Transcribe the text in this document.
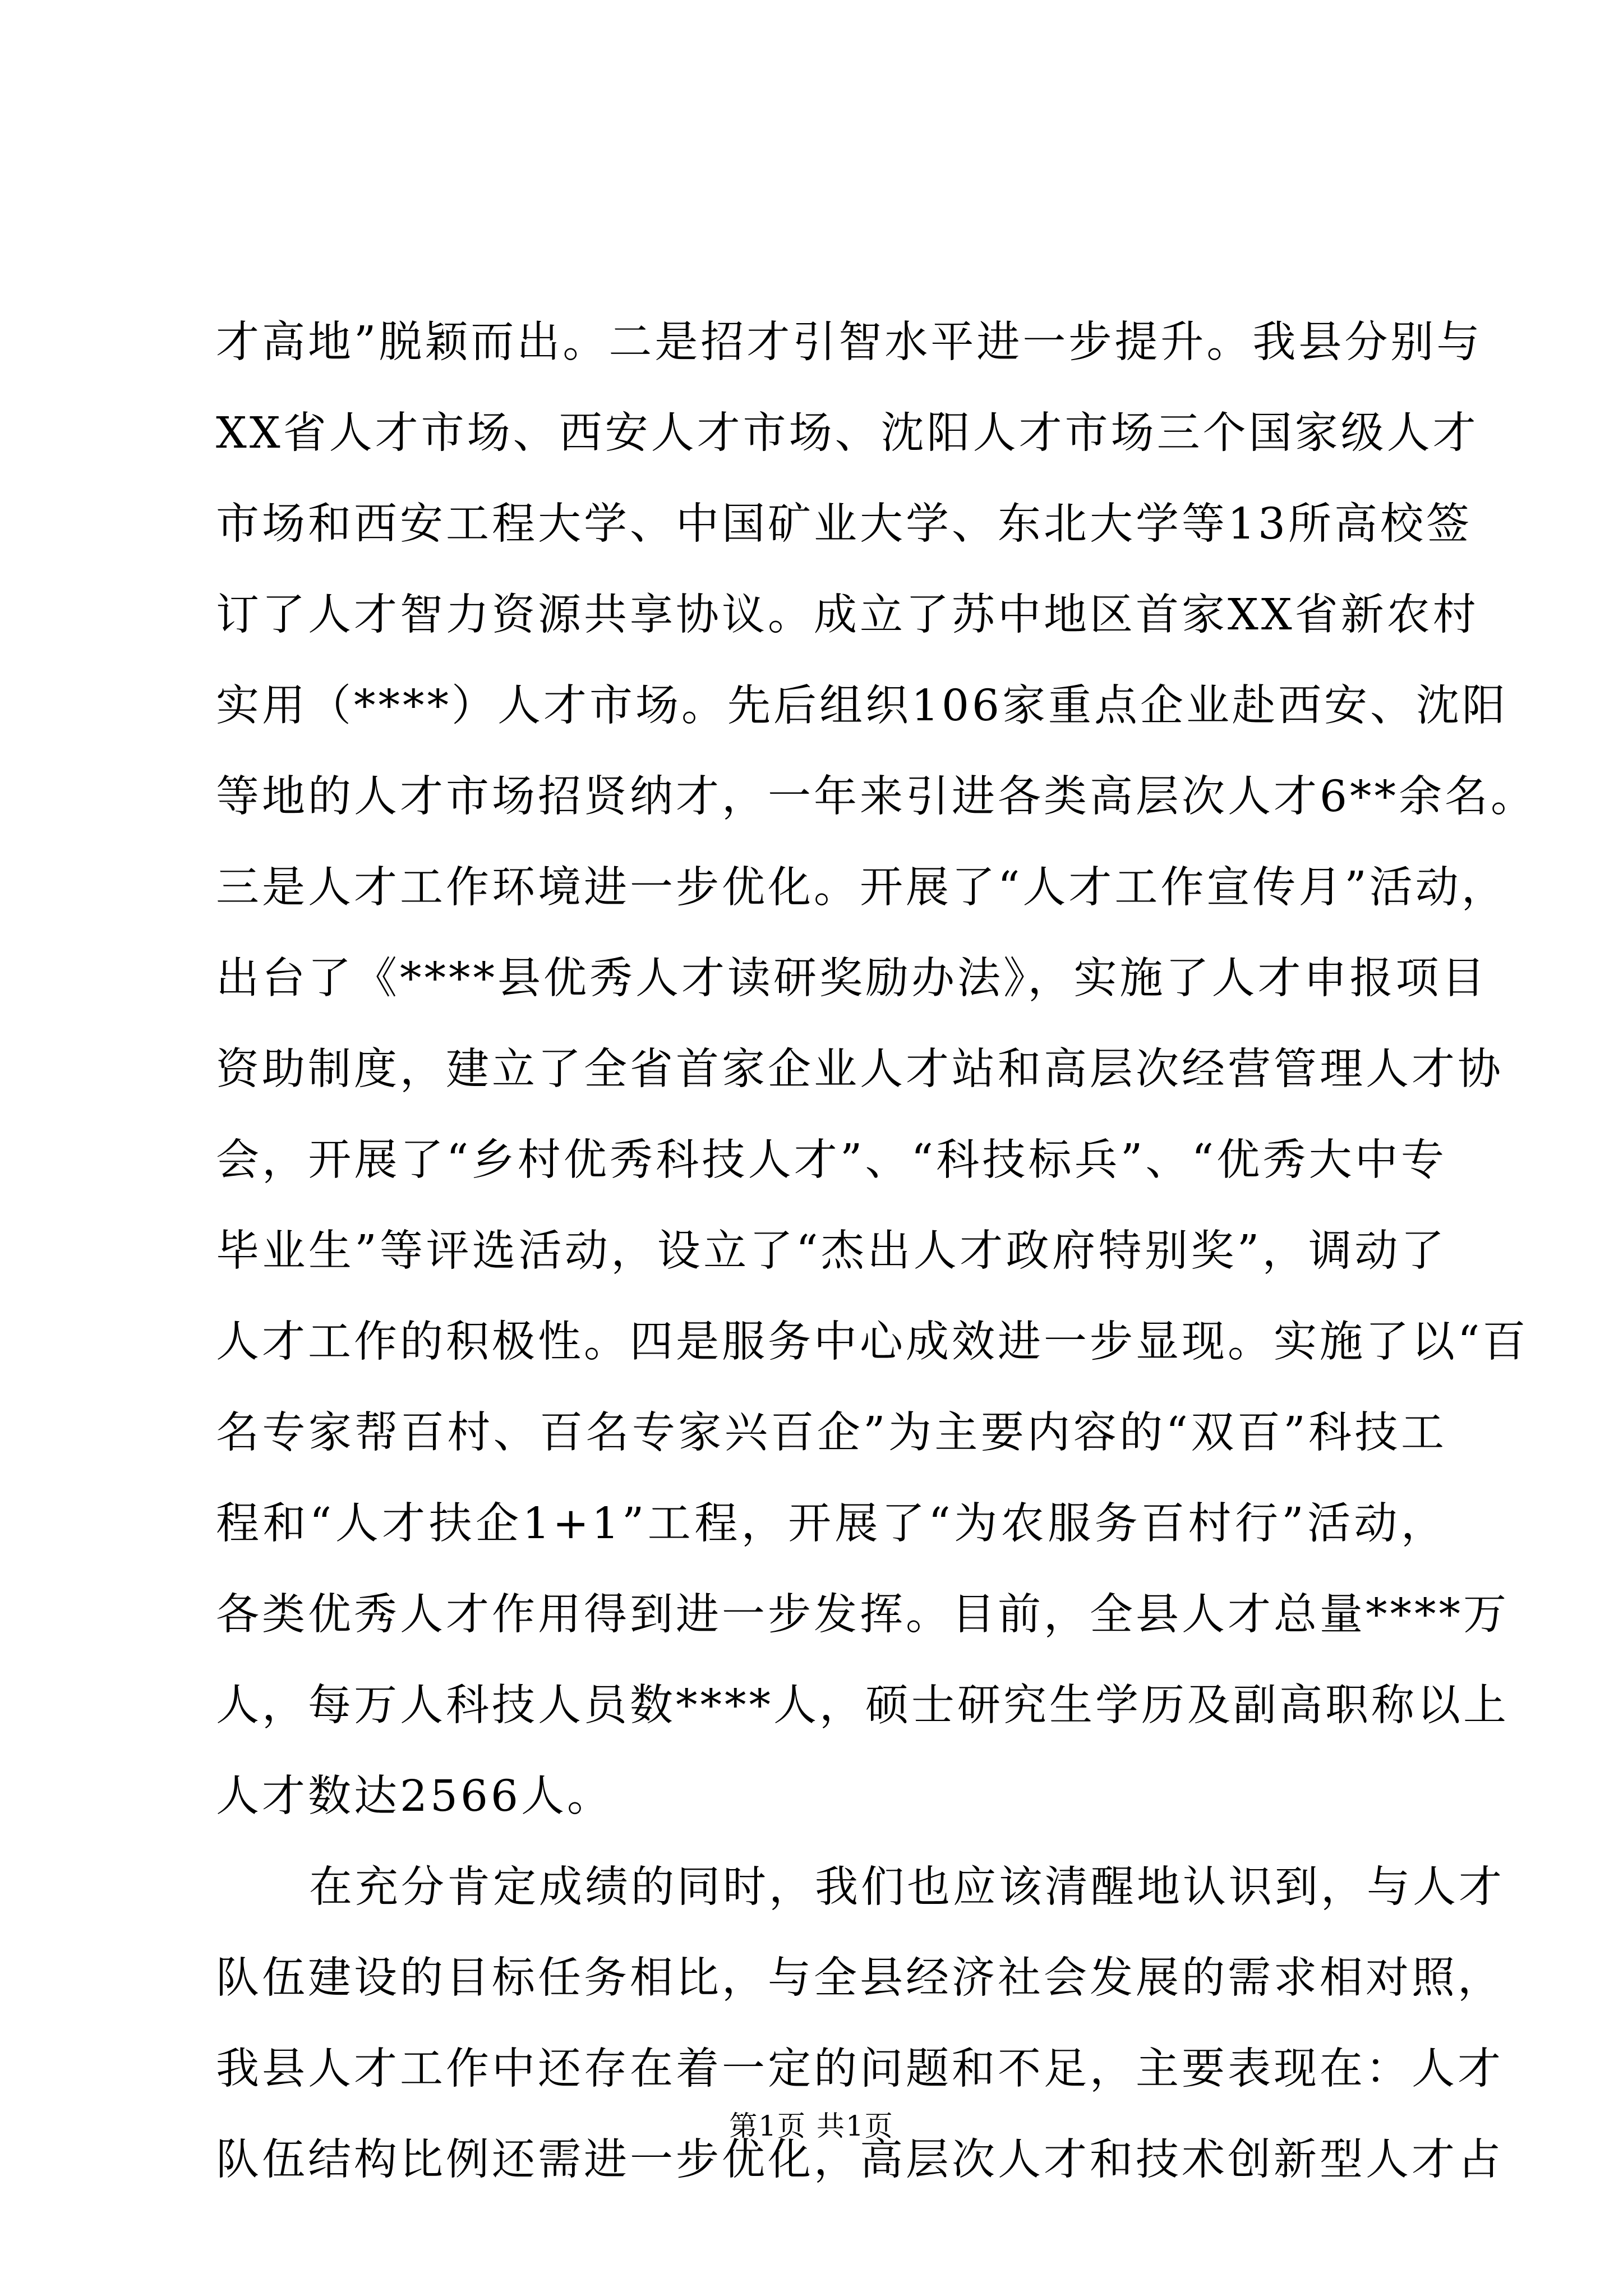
才高地”脱颖而出。二是招才引智水平进一步提升。我县分别与
XX省人才市场、西安人才市场、沈阳人才市场三个国家级人才
市场和西安工程大学、中国矿业大学、东北大学等13所高校签
订了人才智力资源共享协议。成立了苏中地区首家XX省新农村
实用（****）人才市场。先后组织106家重点企业赴西安、沈阳
等地的人才市场招贤纳才，一年来引进各类高层次人才6**余名。
三是人才工作环境进一步优化。开展了“人才工作宣传月”活动，
出台了《****县优秀人才读研奖励办法》，实施了人才申报项目
资助制度，建立了全省首家企业人才站和高层次经营管理人才协
会，开展了“乡村优秀科技人才”、“科技标兵”、“优秀大中专
毕业生”等评选活动，设立了“杰出人才政府特别奖”，调动了
人才工作的积极性。四是服务中心成效进一步显现。实施了以“百
名专家帮百村、百名专家兴百企”为主要内容的“双百”科技工
程和“人才扶企1+1”工程，开展了“为农服务百村行”活动，
各类优秀人才作用得到进一步发挥。目前，全县人才总量****万
人，每万人科技人员数****人，硕士研究生学历及副高职称以上
人才数达2566人。
在充分肯定成绩的同时，我们也应该清醒地认识到，与人才
队伍建设的目标任务相比，与全县经济社会发展的需求相对照，
我县人才工作中还存在着一定的问题和不足，主要表现在：人才
队伍结构比例还需进一步优化，高层次人才和技术创新型人才占
第1页 共1页
